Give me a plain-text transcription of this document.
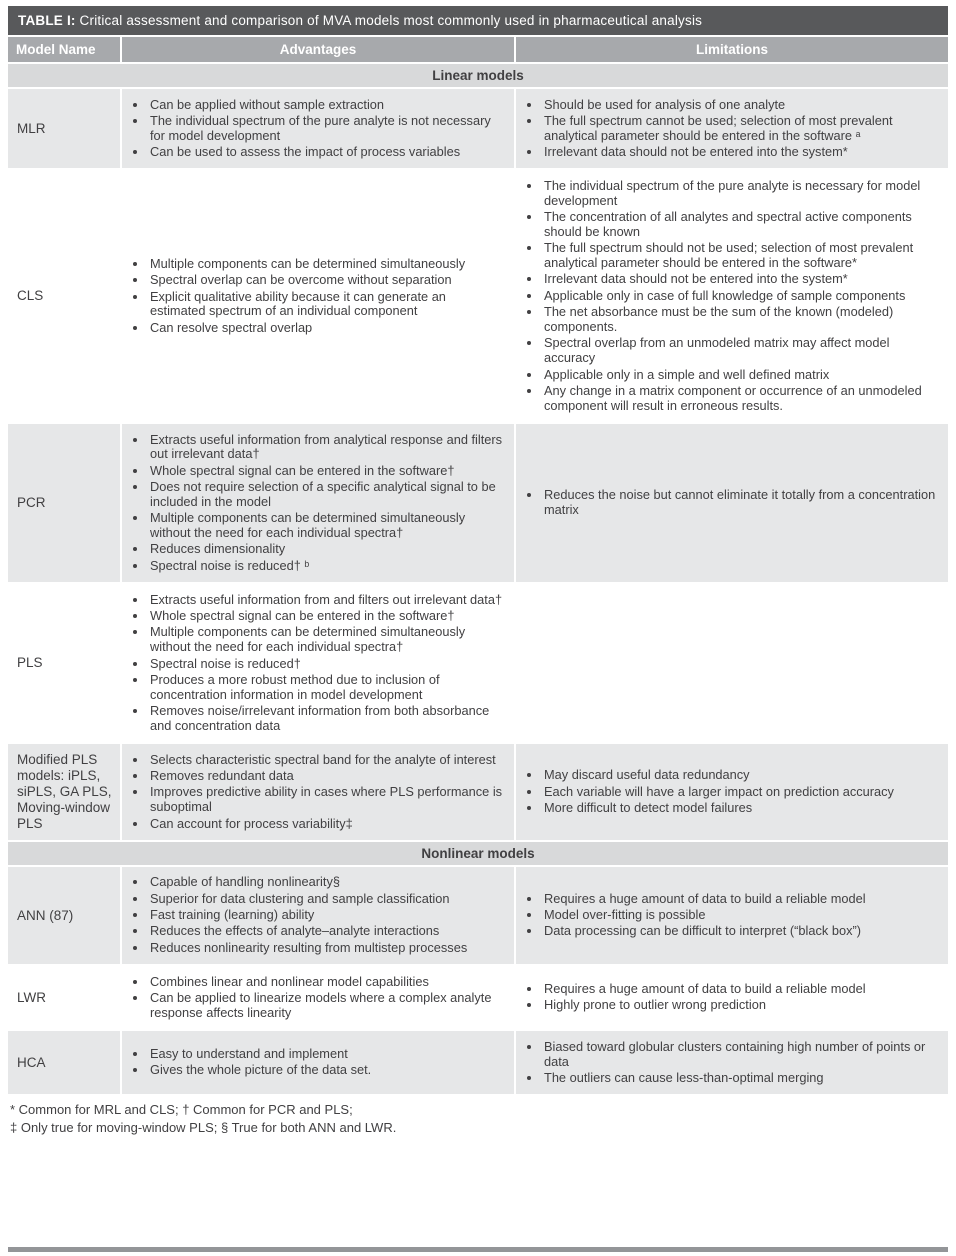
TABLE I: Critical assessment and comparison of MVA models most commonly used in pharmaceutical analysis
Model Name	Advantages	Limitations
Linear models
MLR
• Can be applied without sample extraction
• The individual spectrum of the pure analyte is not necessary for model development
• Can be used to assess the impact of process variables
• Should be used for analysis of one analyte
• The full spectrum cannot be used; selection of most prevalent analytical parameter should be entered in the software ᵃ
• Irrelevant data should not be entered into the system*
CLS
• Multiple components can be determined simultaneously
• Spectral overlap can be overcome without separation
• Explicit qualitative ability because it can generate an estimated spectrum of an individual component
• Can resolve spectral overlap
• The individual spectrum of the pure analyte is necessary for model development
• The concentration of all analytes and spectral active components should be known
• The full spectrum should not be used; selection of most prevalent analytical parameter should be entered in the software*
• Irrelevant data should not be entered into the system*
• Applicable only in case of full knowledge of sample components
• The net absorbance must be the sum of the known (modeled) components.
• Spectral overlap from an unmodeled matrix may affect model accuracy
• Applicable only in a simple and well defined matrix
• Any change in a matrix component or occurrence of an unmodeled component will result in erroneous results.
PCR
• Extracts useful information from analytical response and filters out irrelevant data†
• Whole spectral signal can be entered in the software†
• Does not require selection of a specific analytical signal to be included in the model
• Multiple components can be determined simultaneously without the need for each individual spectra†
• Reduces dimensionality
• Spectral noise is reduced† ᵇ
• Reduces the noise but cannot eliminate it totally from a concentration matrix
PLS
• Extracts useful information from and filters out irrelevant data†
• Whole spectral signal can be entered in the software†
• Multiple components can be determined simultaneously without the need for each individual spectra†
• Spectral noise is reduced†
• Produces a more robust method due to inclusion of concentration information in model development
• Removes noise/irrelevant information from both absorbance and concentration data
Modified PLS models: iPLS, siPLS, GA PLS, Moving-window PLS
• Selects characteristic spectral band for the analyte of interest
• Removes redundant data
• Improves predictive ability in cases where PLS performance is suboptimal
• Can account for process variability‡
• May discard useful data redundancy
• Each variable will have a larger impact on prediction accuracy
• More difficult to detect model failures
Nonlinear models
ANN (87)
• Capable of handling nonlinearity§
• Superior for data clustering and sample classification
• Fast training (learning) ability
• Reduces the effects of analyte–analyte interactions
• Reduces nonlinearity resulting from multistep processes
• Requires a huge amount of data to build a reliable model
• Model over-fitting is possible
• Data processing can be difficult to interpret (“black box”)
LWR
• Combines linear and nonlinear model capabilities
• Can be applied to linearize models where a complex analyte response affects linearity
• Requires a huge amount of data to build a reliable model
• Highly prone to outlier wrong prediction
HCA
• Easy to understand and implement
• Gives the whole picture of the data set.
• Biased toward globular clusters containing high number of points or data
• The outliers can cause less-than-optimal merging
* Common for MRL and CLS; † Common for PCR and PLS;
‡ Only true for moving-window PLS; § True for both ANN and LWR.
